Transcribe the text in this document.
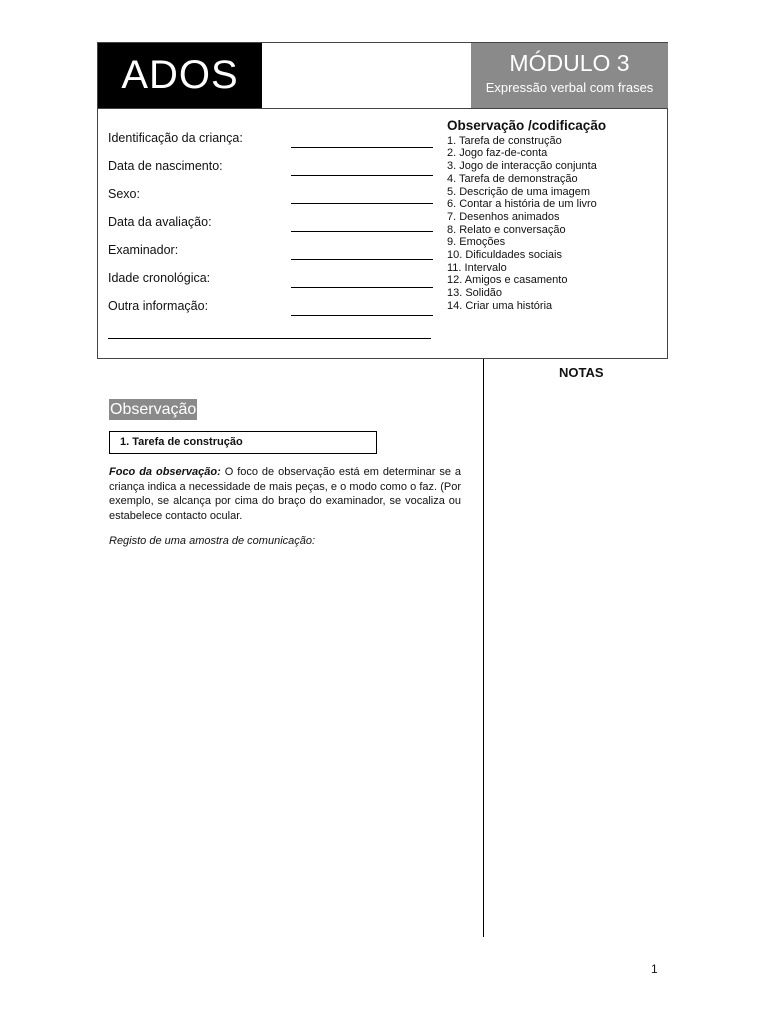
ADOS	MÓDULO 3
Expressão verbal com frases
Identificação da criança:
Data de nascimento:
Sexo:
Data da avaliação:
Examinador:
Idade cronológica:
Outra informação:
Observação /codificação
1. Tarefa de construção
2. Jogo faz-de-conta
3. Jogo de interacção conjunta
4. Tarefa de demonstração
5. Descrição de uma imagem
6. Contar a história de um livro
7. Desenhos animados
8. Relato e conversação
9. Emoções
10. Dificuldades sociais
11. Intervalo
12. Amigos e casamento
13. Solidão
14. Criar uma história
NOTAS
Observação
1. Tarefa de construção
Foco da observação: O foco de observação está em determinar se a criança indica a necessidade de mais peças, e o modo como o faz. (Por exemplo, se alcança por cima do braço do examinador, se vocaliza ou estabelece contacto ocular.
Registo de uma amostra de comunicação:
1
